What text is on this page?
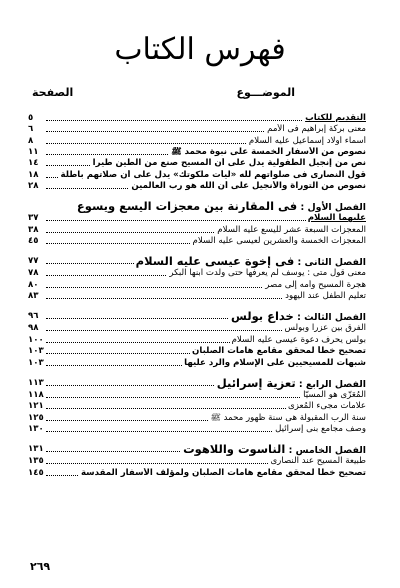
فهرس الكتاب
الموضـــوع
الصفحة
التقديم للكتاب
٥
معنى بركة إبراهيم فى الأمم
٦
أسماء أولاد إسماعيل عليه السلام
٨
نصوص من الأسفار الخمسة على نبوة محمد ﷺ
١١
نص من إنجيل الطفولية يدل على أن المسيح صنع من الطين طيراً
١٤
قول النصارى فى صلواتهم لله «ليأت ملكوتك» يدل على أن صلاتهم باطلة
١٨
نصوص من التوراة والأنجيل على أن الله هو رب العالمين
٢٨
الفصل الأول : فى المقارنة بين معجزات اليسع ويسوع
عليهما السلام
٣٧
المعجزات السبعة عشر لليسع عليه السلام
٣٨
المعجزات الخمسة والعشرين لعيسى عليه السلام
٤٥
الفصل الثانى : فى إخوة عيسى عليه السلام
٧٧
معنى قول متى : يوسف لم يعرفها حتى ولدت ابنها البكر
٧٨
هجرة المسيح وأمه إلى مصر
٨٠
تعليم الطفل عند اليهود
٨٣
الفصل الثالث : خداع بولس
٩٦
الفرق بين عزرا وبولس
٩٨
بولس يحرف دعوة عيسى عليه السلام
١٠٠
تصحيح خطأ لمحقق مقامع هامات الصلبان
١٠٣
شبهات للمسيحيين على الإسلام والرد عليها
١٠٣
الفصل الرابع : تعزية إسرائيل
١١٣
المُعَزّى هو المسيّا
١١٨
علامات مجىء المُعزى
١٢١
سنة الرب المقبولة هى سنة ظهور محمد ﷺ
١٢٥
وصف مجامع بنى إسرائيل
١٣٠
الفصل الخامس : الناسوت واللاهوت
١٣١
طبيعة المسيح عند النصارى
١٣٥
تصحيح خطأ لمحقق مقامع هامات الصلبان ولمؤلف الأسفار المقدسة
١٤٥
٢٦٩
